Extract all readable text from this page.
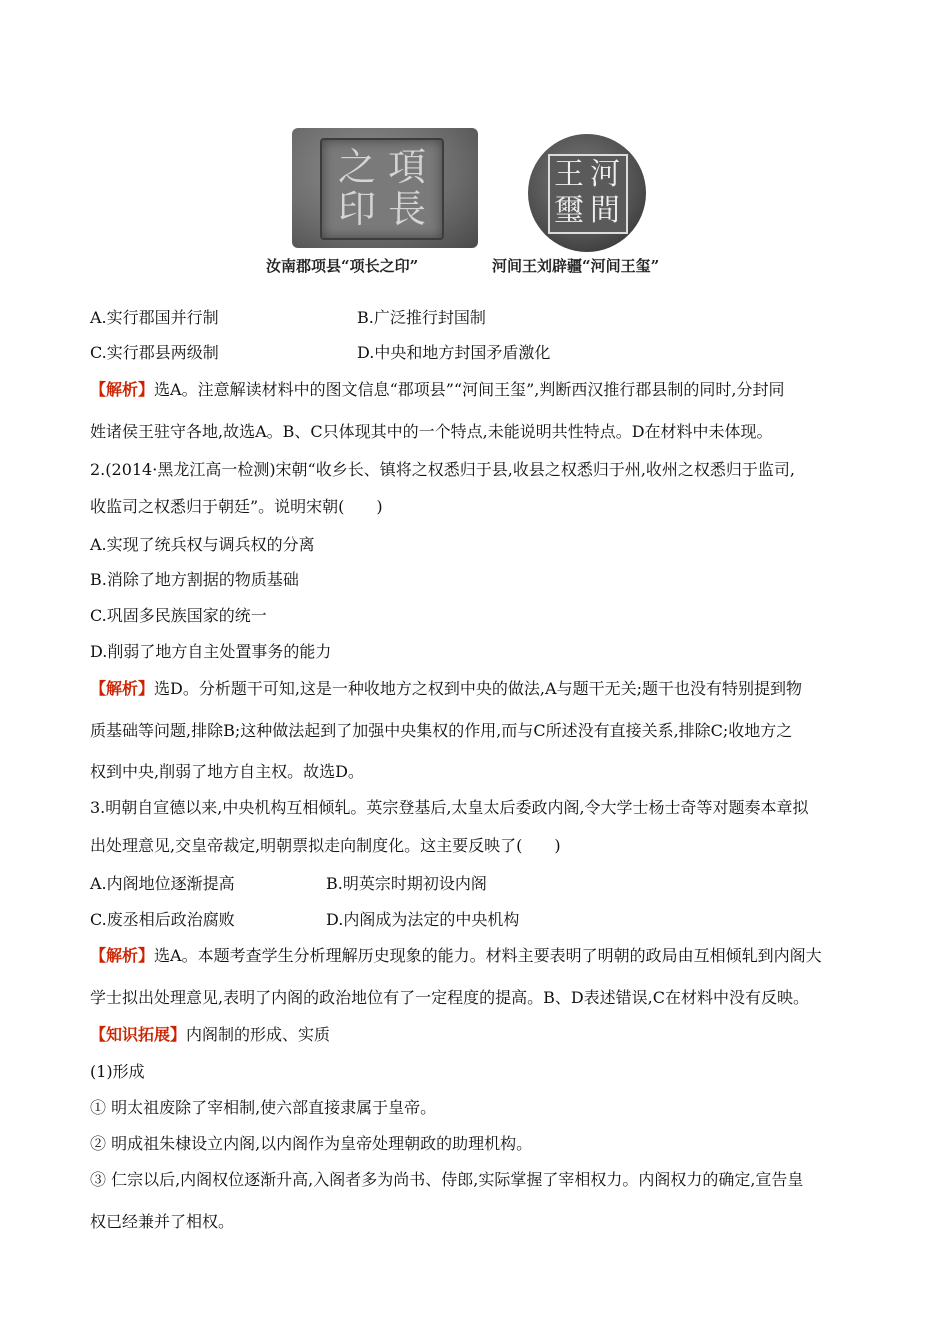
項
長
之
印
河
間
王
璽
汝南郡项县“项长之印”	河间王刘辟疆“河间王玺”
A.实行郡国并行制	B.广泛推行封国制
C.实行郡县两级制	D.中央和地方封国矛盾激化
【解析】选A。注意解读材料中的图文信息“郡项县”“河间王玺”,判断西汉推行郡县制的同时,分封同
姓诸侯王驻守各地,故选A。B、C只体现其中的一个特点,未能说明共性特点。D在材料中未体现。
2.(2014·黑龙江高一检测)宋朝“收乡长、镇将之权悉归于县,收县之权悉归于州,收州之权悉归于监司,
收监司之权悉归于朝廷”。说明宋朝(　　)
A.实现了统兵权与调兵权的分离
B.消除了地方割据的物质基础
C.巩固多民族国家的统一
D.削弱了地方自主处置事务的能力
【解析】选D。分析题干可知,这是一种收地方之权到中央的做法,A与题干无关;题干也没有特别提到物
质基础等问题,排除B;这种做法起到了加强中央集权的作用,而与C所述没有直接关系,排除C;收地方之
权到中央,削弱了地方自主权。故选D。
3.明朝自宣德以来,中央机构互相倾轧。英宗登基后,太皇太后委政内阁,令大学士杨士奇等对题奏本章拟
出处理意见,交皇帝裁定,明朝票拟走向制度化。这主要反映了(　　)
A.内阁地位逐渐提高	B.明英宗时期初设内阁
C.废丞相后政治腐败	D.内阁成为法定的中央机构
【解析】选A。本题考查学生分析理解历史现象的能力。材料主要表明了明朝的政局由互相倾轧到内阁大
学士拟出处理意见,表明了内阁的政治地位有了一定程度的提高。B、D表述错误,C在材料中没有反映。
【知识拓展】内阁制的形成、实质
(1)形成
① 明太祖废除了宰相制,使六部直接隶属于皇帝。
② 明成祖朱棣设立内阁,以内阁作为皇帝处理朝政的助理机构。
③ 仁宗以后,内阁权位逐渐升高,入阁者多为尚书、侍郎,实际掌握了宰相权力。内阁权力的确定,宣告皇
权已经兼并了相权。
